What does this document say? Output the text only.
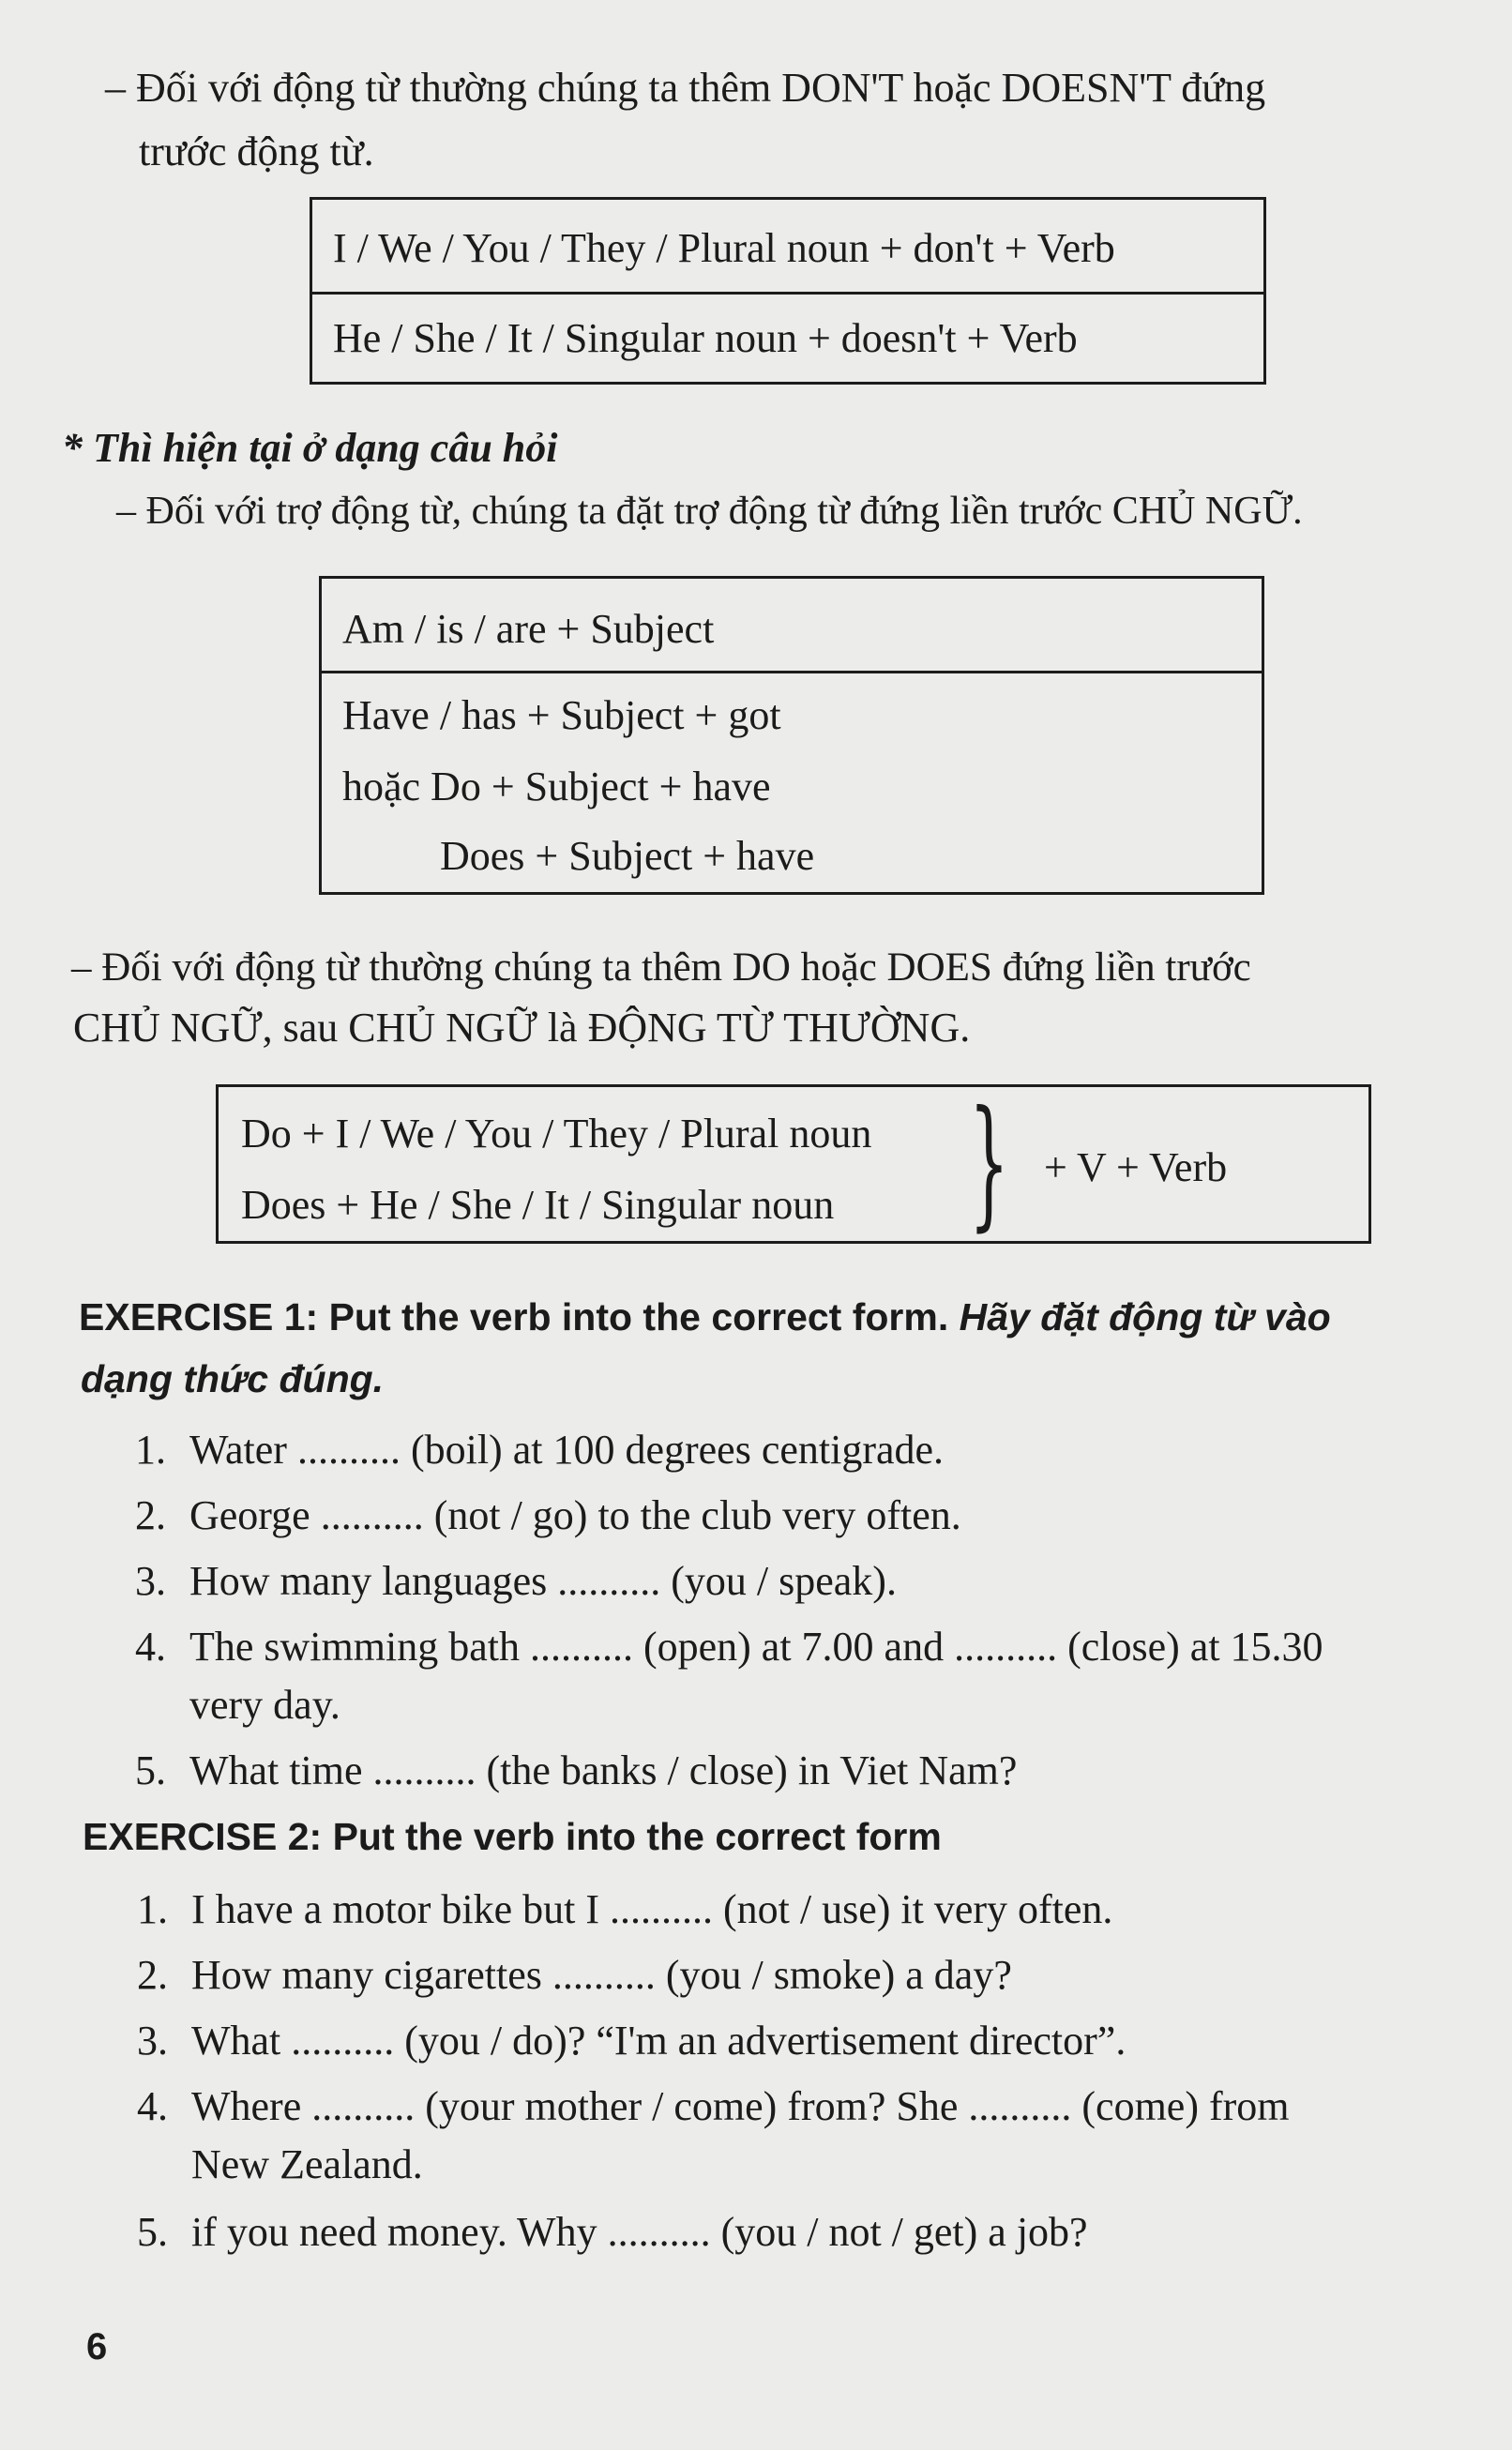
– Đối với động từ thường chúng ta thêm DON'T hoặc DOESN'T đứng
trước động từ.
I / We / You / They / Plural noun + don't + Verb
He / She / It / Singular noun + doesn't + Verb
* Thì hiện tại ở dạng câu hỏi
– Đối với trợ động từ, chúng ta đặt trợ động từ đứng liền trước CHỦ NGỮ.
Am / is / are + Subject
Have / has + Subject + got
hoặc Do + Subject + have
Does + Subject + have
– Đối với động từ thường chúng ta thêm DO hoặc DOES đứng liền trước
CHỦ NGỮ, sau CHỦ NGỮ là ĐỘNG TỪ THƯỜNG.
Do + I / We / You / They / Plural noun
Does + He / She / It / Singular noun } + V + Verb
EXERCISE 1: Put the verb into the correct form. Hãy đặt động từ vào
dạng thức đúng.
1. Water .......... (boil) at 100 degrees centigrade.
2. George .......... (not / go) to the club very often.
3. How many languages .......... (you / speak).
4. The swimming bath .......... (open) at 7.00 and .......... (close) at 15.30
very day.
5. What time .......... (the banks / close) in Viet Nam?
EXERCISE 2: Put the verb into the correct form
1. I have a motor bike but I .......... (not / use) it very often.
2. How many cigarettes .......... (you / smoke) a day?
3. What .......... (you / do)? “I'm an advertisement director”.
4. Where .......... (your mother / come) from? She .......... (come) from
New Zealand.
5. if you need money. Why .......... (you / not / get) a job?
6
